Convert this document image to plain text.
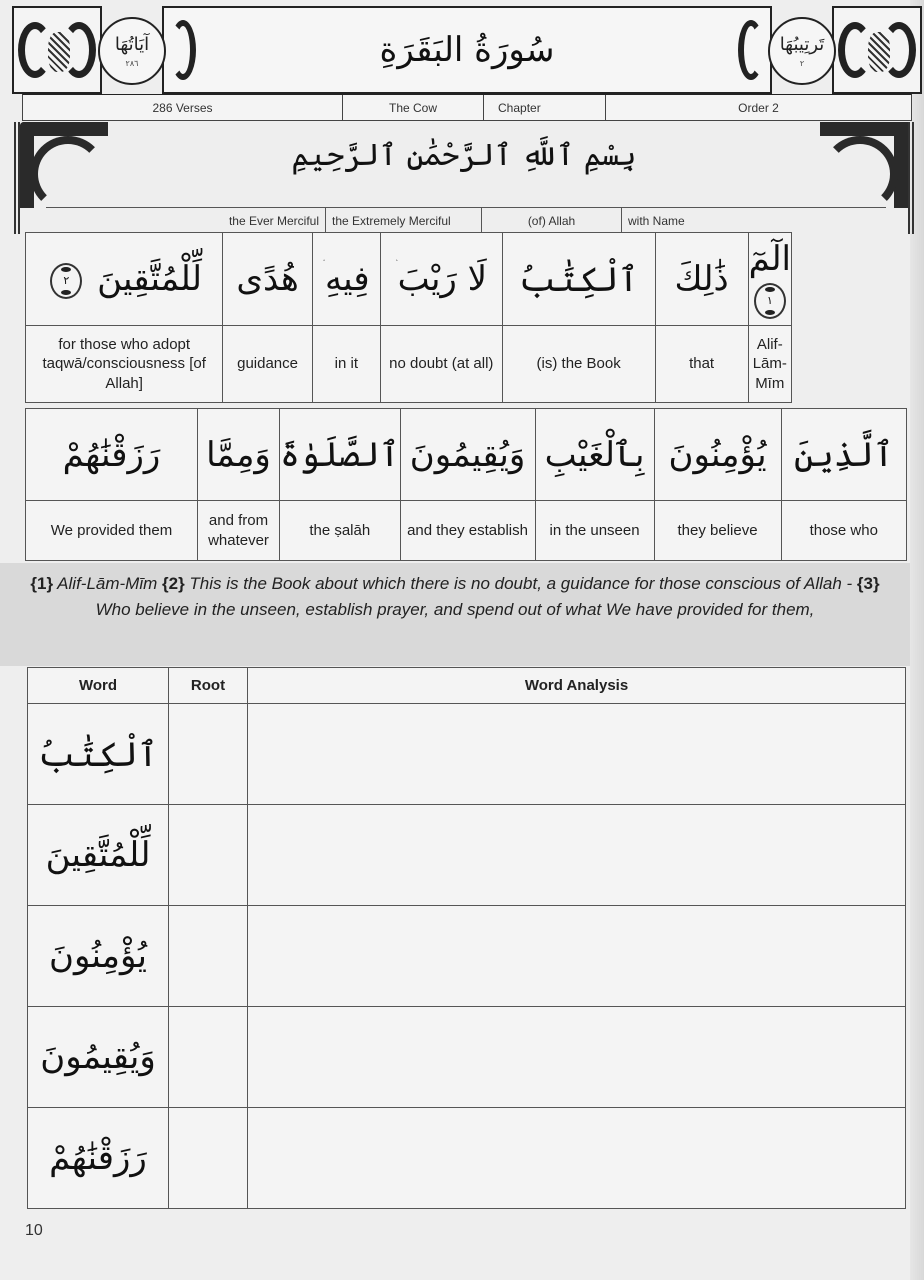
آيَاتُهَا
٢٨٦	سُورَةُ البَقَرَةِ	تَرتِيبُهَا
٢
286 Verses	The Cow	Chapter	Order 2
بِسْمِ ٱللَّهِ ٱلرَّحْمَٰنِ ٱلرَّحِيمِ
the Ever Merciful	the Extremely Merciful	(of) Allah	with Name
لِّلْمُتَّقِينَ ٢	هُدًى	فِيهِ	لَا رَيْبَ	ٱلْكِتَٰبُ	ذَٰلِكَ	الٓمٓ ١
for those who adopt taqwā/consciousness [of Allah]	guidance	in it	no doubt (at all)	(is) the Book	that	Alif-Lām-Mīm
رَزَقْنَٰهُمْ	وَمِمَّا	ٱلصَّلَوٰةَ	وَيُقِيمُونَ	بِٱلْغَيْبِ	يُؤْمِنُونَ	ٱلَّذِينَ
We provided them	and from whatever	the ṣalāh	and they establish	in the unseen	they believe	those who
{1} Alif-Lām-Mīm {2} This is the Book about which there is no doubt, a guidance for those conscious of Allah - {3} Who believe in the unseen, establish prayer, and spend out of what We have provided for them,
Word	Root	Word Analysis
ٱلْكِتَٰبُ		
لِّلْمُتَّقِينَ		
يُؤْمِنُونَ		
وَيُقِيمُونَ		
رَزَقْنَٰهُمْ		
10
